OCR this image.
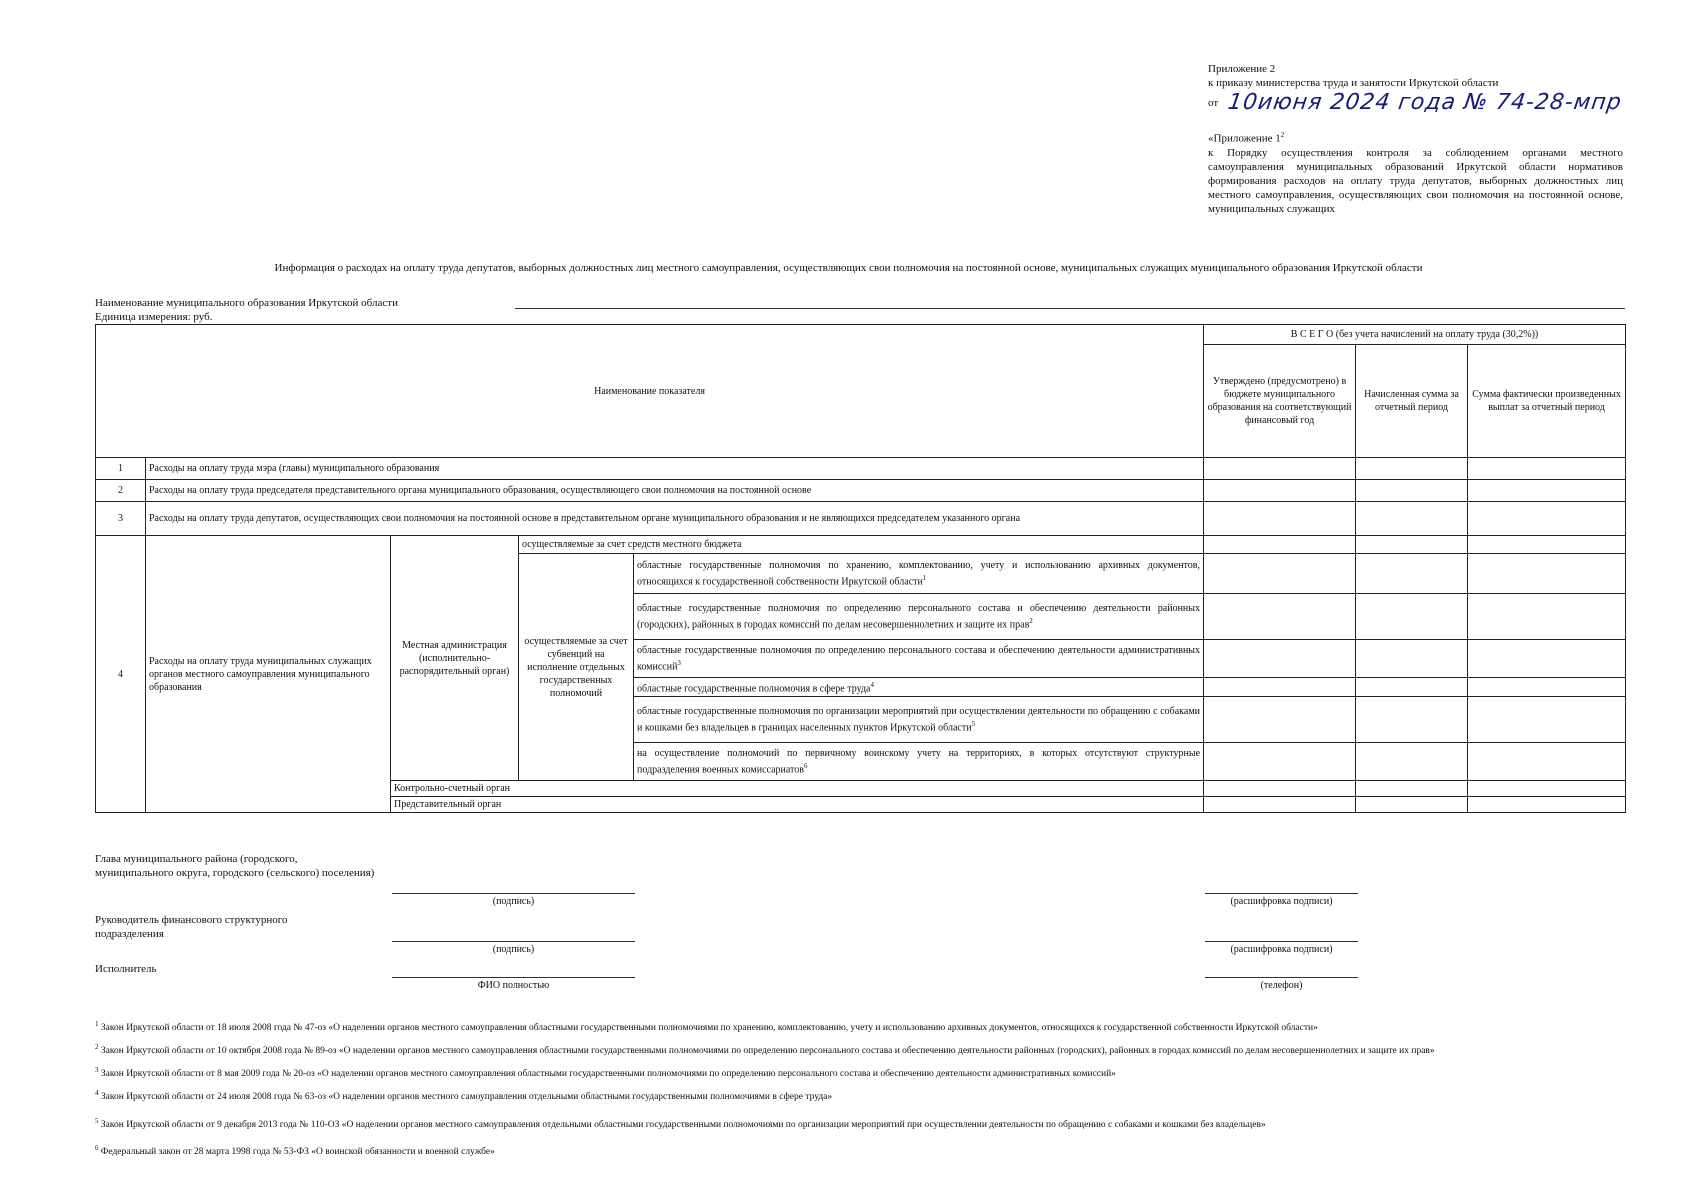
Приложение 2
к приказу министерства труда и занятости Иркутской области
от 10июня 2024 года № 74-28-мпр
«Приложение $1^2$
к Порядку осуществления контроля за соблюдением органами местного самоуправления муниципальных образований Иркутской области нормативов формирования расходов на оплату труда депутатов, выборных должностных лиц местного самоуправления, осуществляющих свои полномочия на постоянной основе, муниципальных служащих
Информация о расходах на оплату труда депутатов, выборных должностных лиц местного самоуправления, осуществляющих свои полномочия на постоянной основе, муниципальных служащих муниципального образования Иркутской области
Наименование муниципального образования Иркутской области
Единица измерения: руб.
Наименование показателя					В С Е Г О (без учета начислений на оплату труда (30,2%))		
					Утверждено (предусмотрено) в бюджете муниципального образования на соответствующий финансовый год	Начисленная сумма за отчетный период	Сумма фактически произведенных выплат за отчетный период
1	Расходы на оплату труда мэра (главы) муниципального образования						
2	Расходы на оплату труда председателя представительного органа муниципального образования, осуществляющего свои полномочия на постоянной основе						
3	Расходы на оплату труда депутатов, осуществляющих свои полномочия на постоянной основе в представительном органе муниципального образования и не являющихся председателем указанного органа						
4	Расходы на оплату труда муниципальных служащих органов местного самоуправления муниципального образования	Местная администрация (исполнительно-распорядительный орган)	осуществляемые за счет средств местного бюджета				
			осуществляемые за счет субвенций на исполнение отдельных государственных полномочий	областные государственные полномочия по хранению, комплектованию, учету и использованию архивных документов, относящихся к государственной собственности Иркутской области$^1$			
				областные государственные полномочия по определению персонального состава и обеспечению деятельности районных (городских), районных в городах комиссий по делам несовершеннолетних и защите их прав$^2$			
				областные государственные полномочия по определению персонального состава и обеспечению деятельности административных комиссий$^3$			
				областные государственные полномочия в сфере труда$^4$			
				областные государственные полномочия по организации мероприятий при осуществлении деятельности по обращению с собаками и кошками без владельцев в границах населенных пунктов Иркутской области$^5$			
				на осуществление полномочий по первичному воинскому учету на территориях, в которых отсутствуют структурные подразделения военных комиссариатов$^6$			
		Контрольно-счетный орган					
		Представительный орган					
Глава муниципального района (городского, муниципального округа, городского (сельского) поселения)
(подпись)	(расшифровка подписи)
Руководитель финансового структурного подразделения
(подпись)	(расшифровка подписи)
Исполнитель
ФИО полностью	(телефон)

$^1$ Закон Иркутской области от 18 июля 2008 года № 47-оз «О наделении органов местного самоуправления областными государственными полномочиями по хранению, комплектованию, учету и использованию архивных документов, относящихся к государственной собственности Иркутской области»

$^2$ Закон Иркутской области от 10 октября 2008 года № 89-оз «О наделении органов местного самоуправления областными государственными полномочиями по определению персонального состава и обеспечению деятельности районных (городских), районных в городах комиссий по делам несовершеннолетних и защите их прав»

$^3$ Закон Иркутской области от 8 мая 2009 года № 20-оз «О наделении органов местного самоуправления областными государственными полномочиями по определению персонального состава и обеспечению деятельности административных комиссий»

$^4$ Закон Иркутской области от 24 июля 2008 года № 63-оз «О наделении органов местного самоуправления отдельными областными государственными полномочиями в сфере труда»

$^5$ Закон Иркутской области от 9 декабря 2013 года № 110-ОЗ «О наделении органов местного самоуправления отдельными областными государственными полномочиями по организации мероприятий при осуществлении деятельности по обращению с собаками и кошками без владельцев»

$^6$ Федеральный закон от 28 марта 1998 года № 53-ФЗ «О воинской обязанности и военной службе»
